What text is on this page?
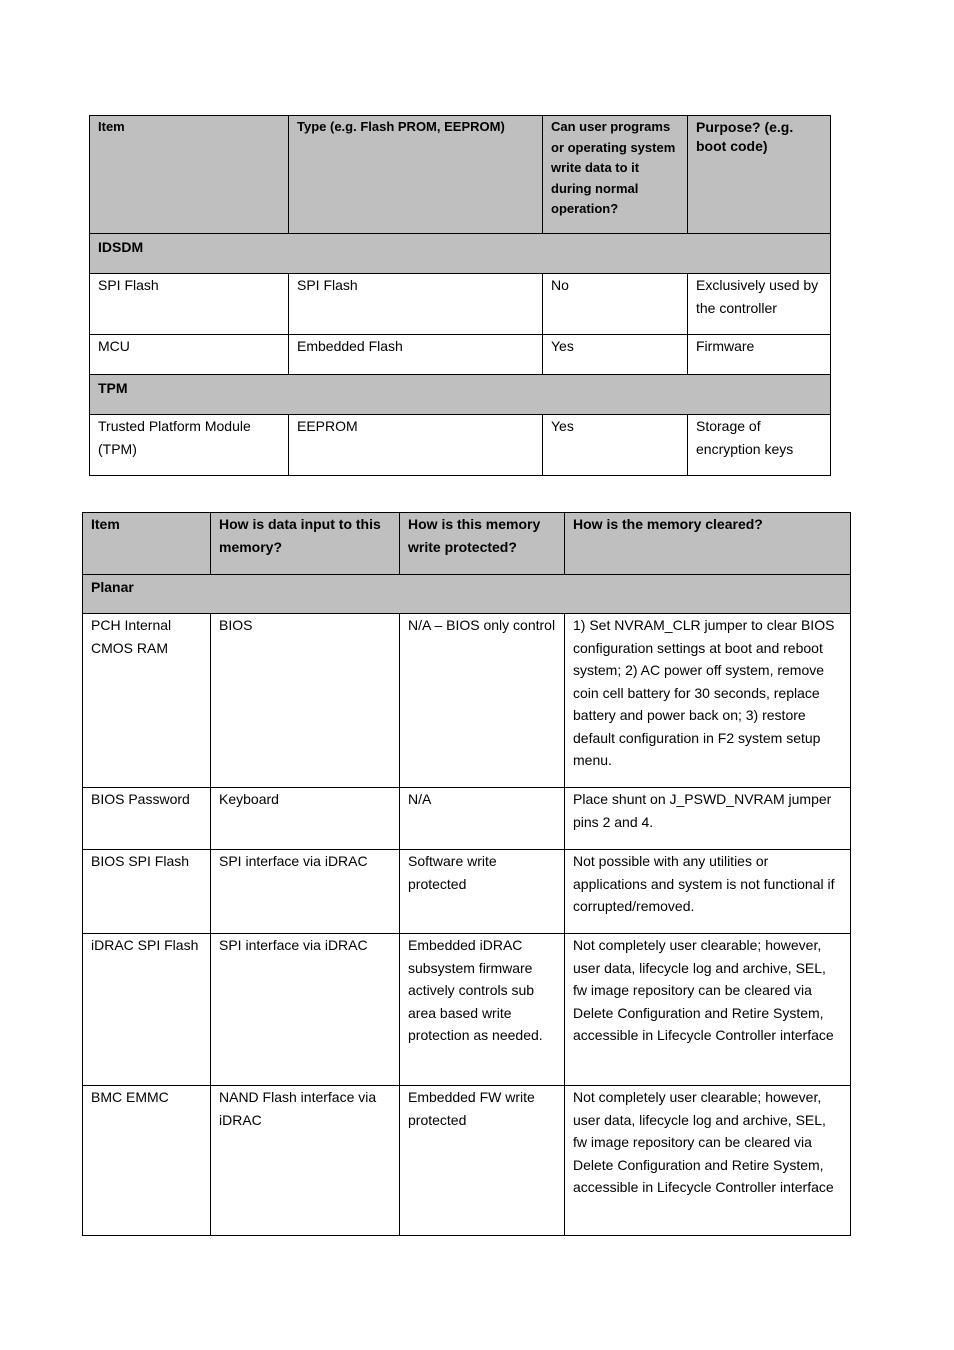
Item	Type (e.g. Flash PROM, EEPROM)	Can user programs or operating system write data to it during normal operation?	Purpose? (e.g. boot code)
IDSDM			
SPI Flash	SPI Flash	No	Exclusively used by the controller
MCU	Embedded Flash	Yes	Firmware
TPM			
Trusted Platform Module (TPM)	EEPROM	Yes	Storage of encryption keys
Item	How is data input to this memory?	How is this memory write protected?	How is the memory cleared?
Planar			
PCH Internal CMOS RAM	BIOS	N/A – BIOS only control	1) Set NVRAM_CLR jumper to clear BIOS configuration settings at boot and reboot system; 2) AC power off system, remove coin cell battery for 30 seconds, replace battery and power back on; 3) restore default configuration in F2 system setup menu.
BIOS Password	Keyboard	N/A	Place shunt on J_PSWD_NVRAM jumper pins 2 and 4.
BIOS SPI Flash	SPI interface via iDRAC	Software write protected	Not possible with any utilities or applications and system is not functional if corrupted/removed.
iDRAC SPI Flash	SPI interface via iDRAC	Embedded iDRAC subsystem firmware actively controls sub area based write protection as needed.	Not completely user clearable; however, user data, lifecycle log and archive, SEL, fw image repository can be cleared via Delete Configuration and Retire System, accessible in Lifecycle Controller interface
BMC EMMC	NAND Flash interface via iDRAC	Embedded FW write protected	Not completely user clearable; however, user data, lifecycle log and archive, SEL, fw image repository can be cleared via Delete Configuration and Retire System, accessible in Lifecycle Controller interface
